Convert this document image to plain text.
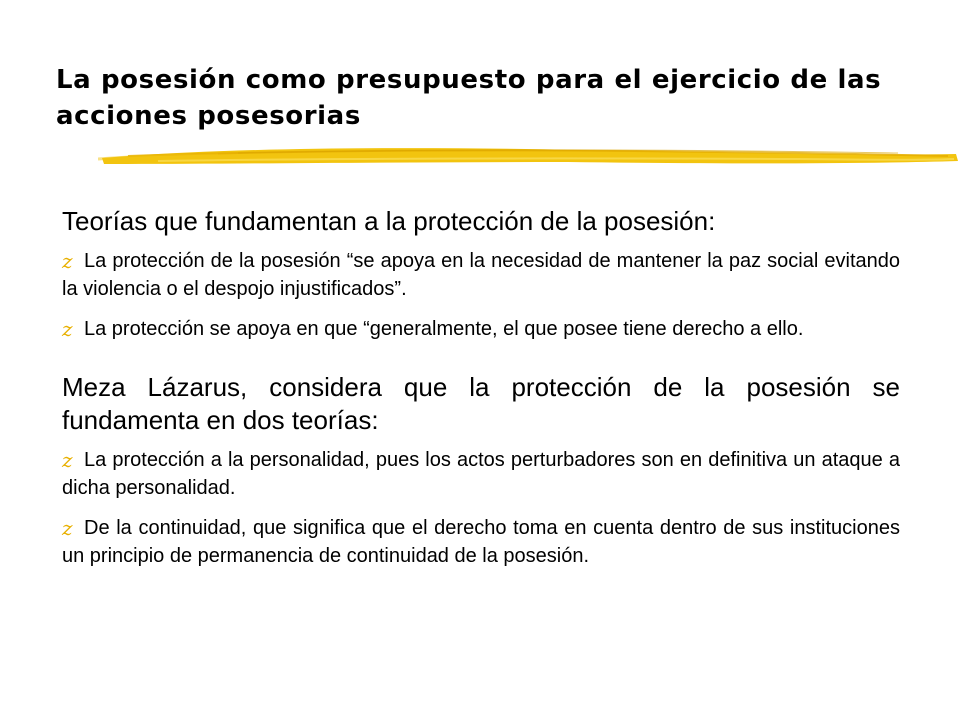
La posesión como presupuesto para el ejercicio de las acciones posesorias

Teorías que fundamentan a la protección de la posesión:

z La protección de la posesión “se apoya en la necesidad de mantener la paz social evitando la violencia o el despojo injustificados”.
z La protección se apoya en que “generalmente, el que posee tiene derecho a ello.

Meza Lázarus, considera que la protección de la posesión se fundamenta en dos teorías:

z La protección a la personalidad, pues los actos perturbadores son en definitiva un ataque a dicha personalidad.
z De la continuidad, que significa que el derecho toma en cuenta dentro de sus instituciones un principio de permanencia de continuidad de la posesión.
